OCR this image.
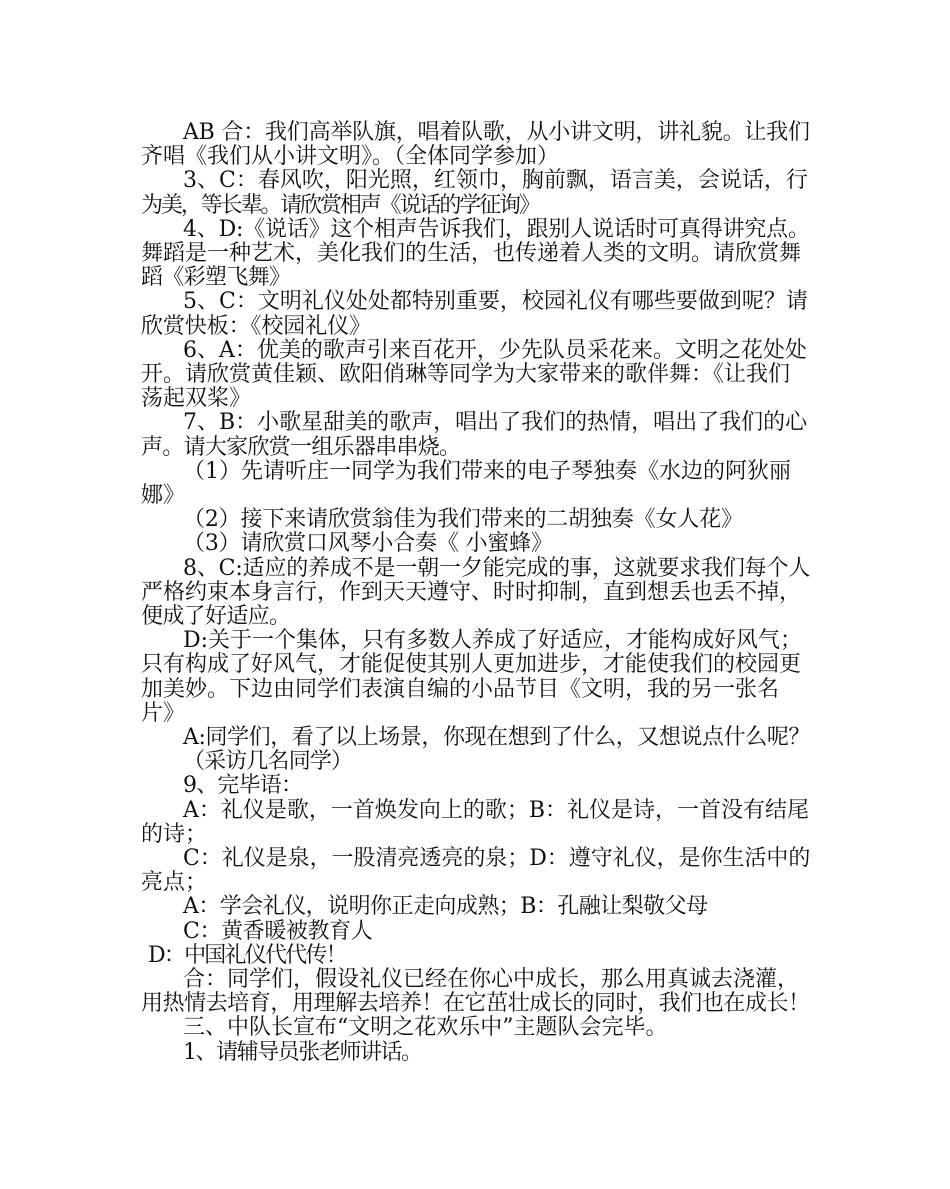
AB 合：我们高举队旗，唱着队歌，从小讲文明，讲礼貌。让我们
齐唱《我们从小讲文明》。（全体同学参加）
3、C：春风吹，阳光照，红领巾，胸前飘，语言美，会说话，行
为美，等长辈。请欣赏相声《说话的学征询》
4、D:《说话》这个相声告诉我们，跟别人说话时可真得讲究点。
舞蹈是一种艺术，美化我们的生活，也传递着人类的文明。请欣赏舞
蹈《彩塑飞舞》
5、C：文明礼仪处处都特别重要，校园礼仪有哪些要做到呢？请
欣赏快板：《校园礼仪》
6、A：优美的歌声引来百花开，少先队员采花来。文明之花处处
开。请欣赏黄佳颖、欧阳俏琳等同学为大家带来的歌伴舞：《让我们
荡起双桨》
7、B：小歌星甜美的歌声，唱出了我们的热情，唱出了我们的心
声。请大家欣赏一组乐器串串烧。
（1）先请听庄一同学为我们带来的电子琴独奏《水边的阿狄丽
娜》
（2）接下来请欣赏翁佳为我们带来的二胡独奏《女人花》
（3）请欣赏口风琴小合奏《 小蜜蜂》
8、C:适应的养成不是一朝一夕能完成的事，这就要求我们每个人
严格约束本身言行，作到天天遵守、时时抑制，直到想丢也丢不掉，
便成了好适应。
D:关于一个集体，只有多数人养成了好适应，才能构成好风气；
只有构成了好风气，才能促使其别人更加进步，才能使我们的校园更
加美妙。下边由同学们表演自编的小品节目《文明，我的另一张名
片》
A:同学们，看了以上场景，你现在想到了什么，又想说点什么呢？
（采访几名同学）
9、完毕语：
A：礼仪是歌，一首焕发向上的歌；B：礼仪是诗，一首没有结尾
的诗；
C：礼仪是泉，一股清亮透亮的泉；D：遵守礼仪，是你生活中的
亮点；
A：学会礼仪，说明你正走向成熟；B：孔融让梨敬父母
C：黄香暖被教育人
D：中国礼仪代代传！
合：同学们，假设礼仪已经在你心中成长，那么用真诚去浇灌，
用热情去培育，用理解去培养！在它茁壮成长的同时，我们也在成长！
三、中队长宣布“文明之花欢乐中”主题队会完毕。
1、请辅导员张老师讲话。
